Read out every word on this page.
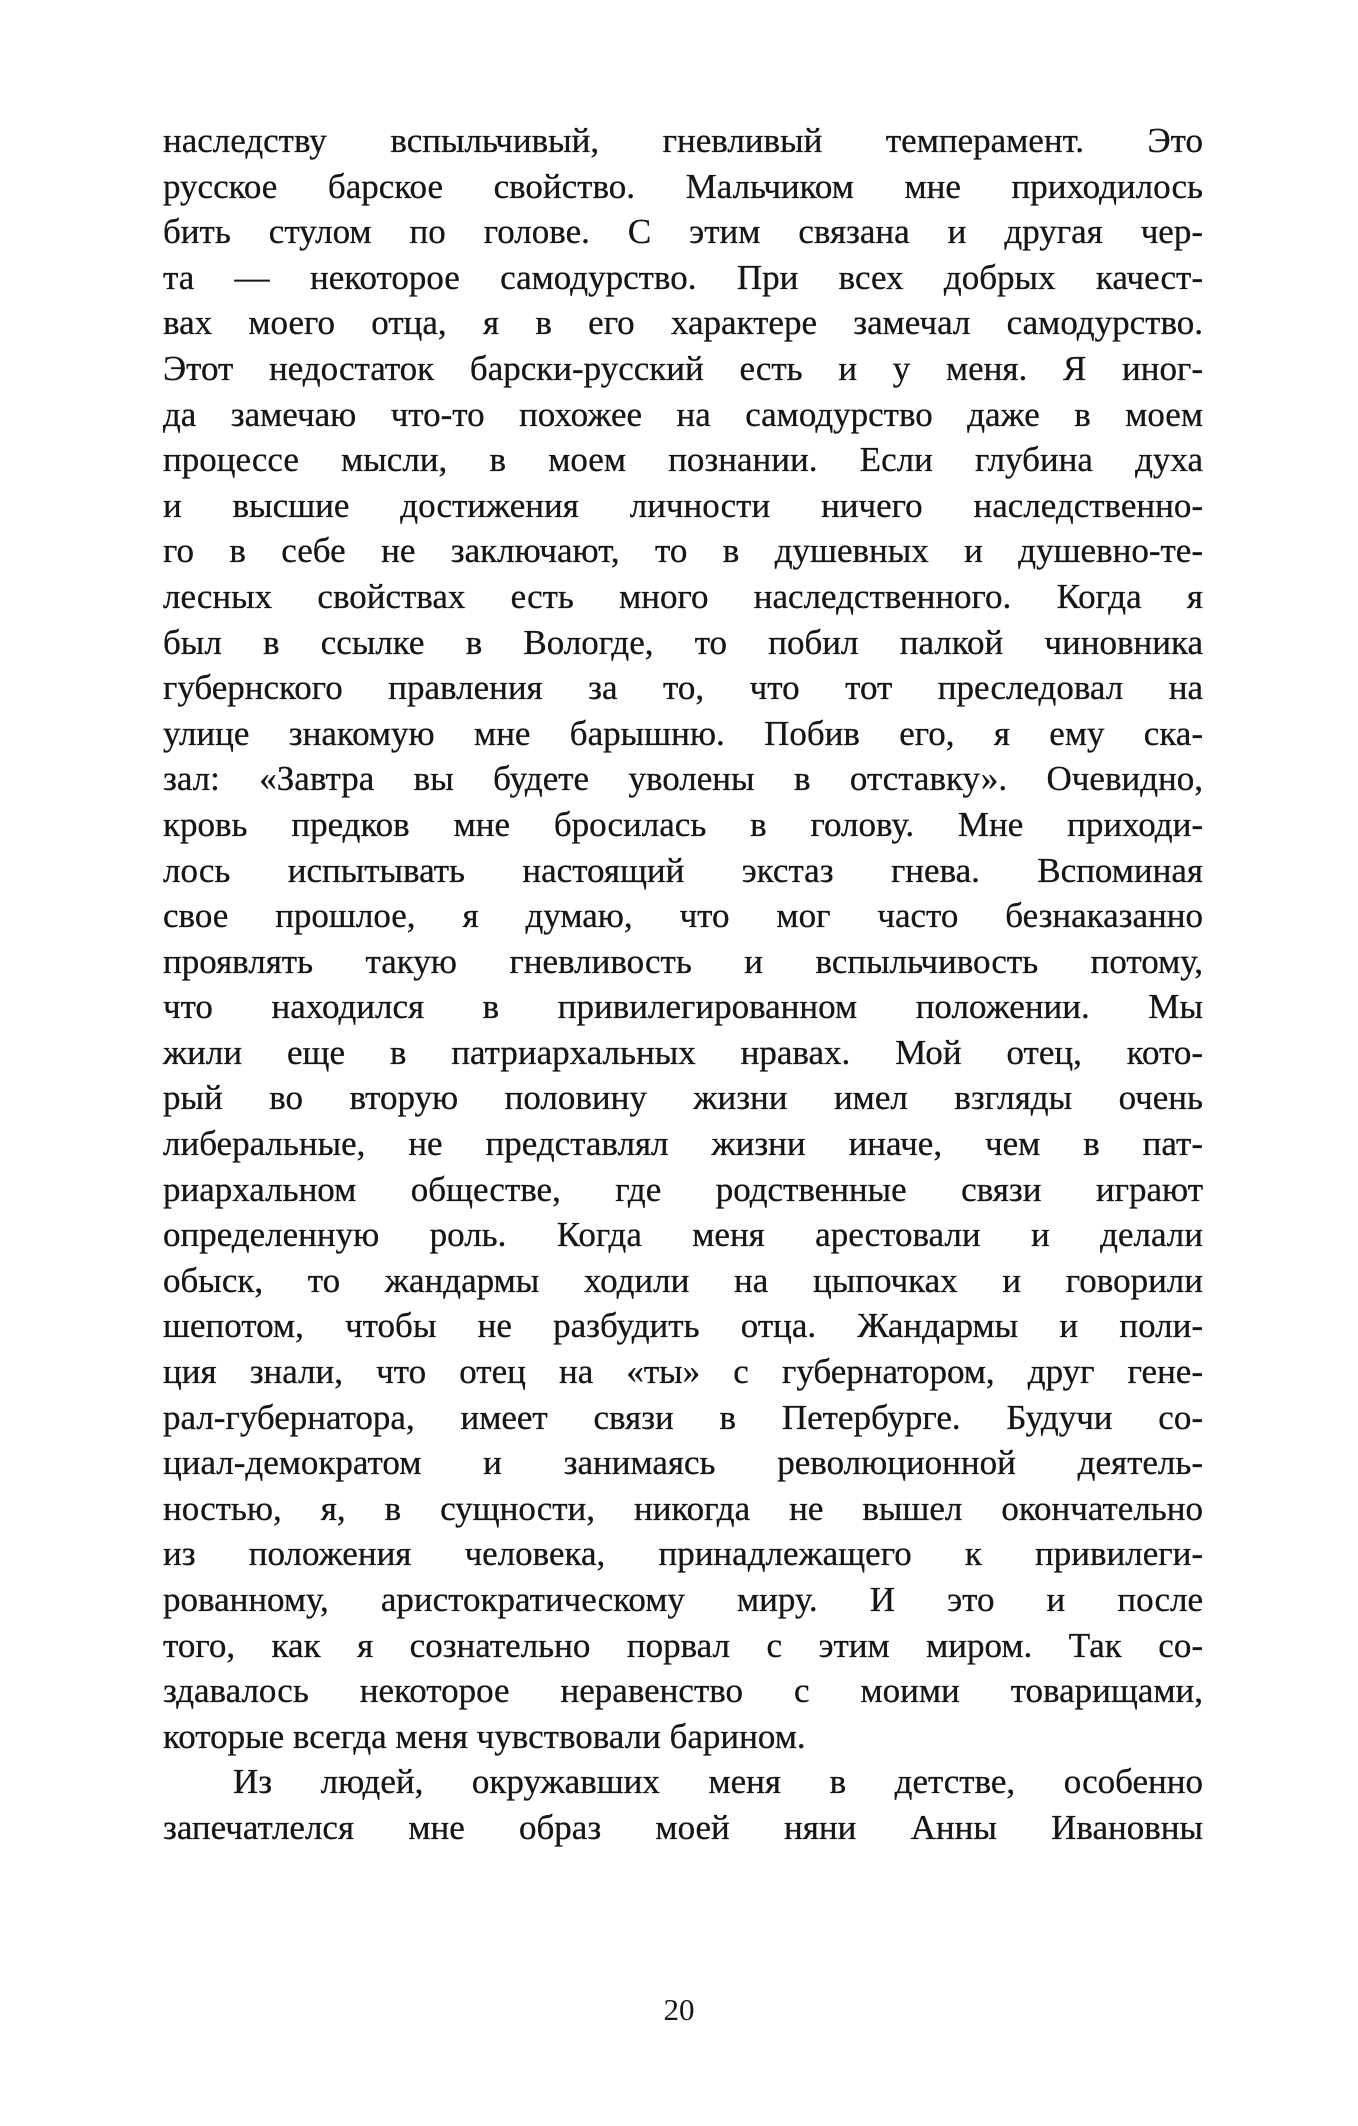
наследству вспыльчивый, гневливый темперамент. Это
русское барское свойство. Мальчиком мне приходилось
бить стулом по голове. С этим связана и другая чер-
та — некоторое самодурство. При всех добрых качест-
вах моего отца, я в его характере замечал самодурство.
Этот недостаток барски-русский есть и у меня. Я иног-
да замечаю что-то похожее на самодурство даже в моем
процессе мысли, в моем познании. Если глубина духа
и высшие достижения личности ничего наследственно-
го в себе не заключают, то в душевных и душевно-те-
лесных свойствах есть много наследственного. Когда я
был в ссылке в Вологде, то побил палкой чиновника
губернского правления за то, что тот преследовал на
улице знакомую мне барышню. Побив его, я ему ска-
зал: «Завтра вы будете уволены в отставку». Очевидно,
кровь предков мне бросилась в голову. Мне приходи-
лось испытывать настоящий экстаз гнева. Вспоминая
свое прошлое, я думаю, что мог часто безнаказанно
проявлять такую гневливость и вспыльчивость потому,
что находился в привилегированном положении. Мы
жили еще в патриархальных нравах. Мой отец, кото-
рый во вторую половину жизни имел взгляды очень
либеральные, не представлял жизни иначе, чем в пат-
риархальном обществе, где родственные связи играют
определенную роль. Когда меня арестовали и делали
обыск, то жандармы ходили на цыпочках и говорили
шепотом, чтобы не разбудить отца. Жандармы и поли-
ция знали, что отец на «ты» с губернатором, друг гене-
рал-губернатора, имеет связи в Петербурге. Будучи со-
циал-демократом и занимаясь революционной деятель-
ностью, я, в сущности, никогда не вышел окончательно
из положения человека, принадлежащего к привилеги-
рованному, аристократическому миру. И это и после
того, как я сознательно порвал с этим миром. Так со-
здавалось некоторое неравенство с моими товарищами,
которые всегда меня чувствовали барином.
Из людей, окружавших меня в детстве, особенно
запечатлелся мне образ моей няни Анны Ивановны
20
